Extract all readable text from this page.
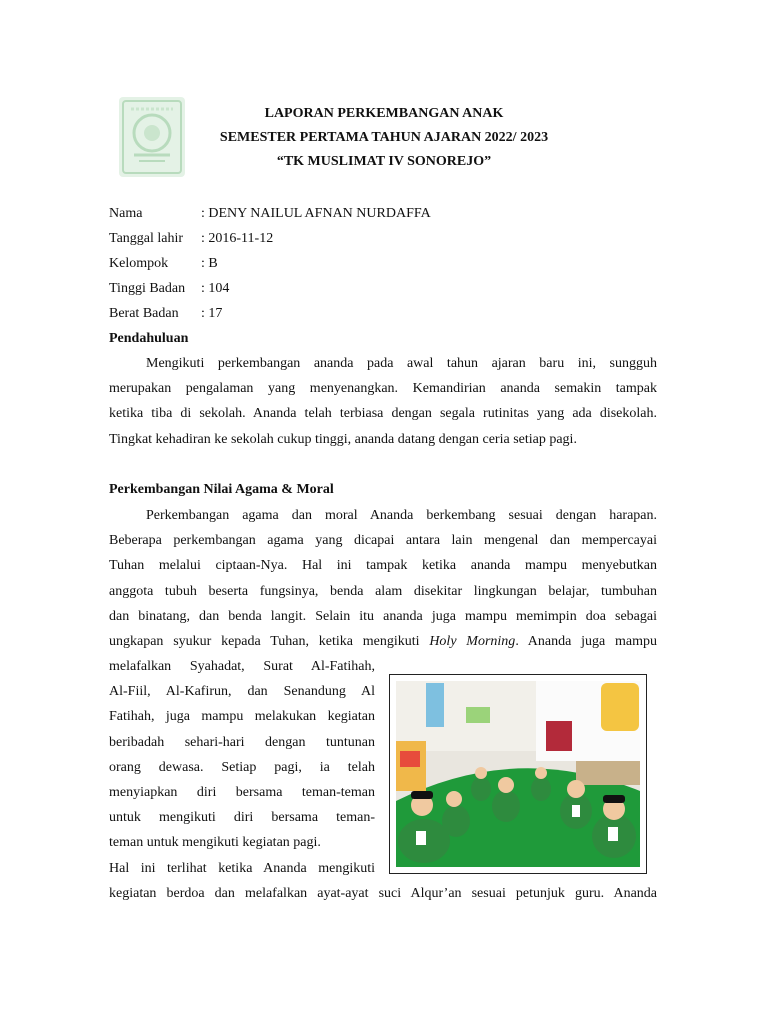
LAPORAN PERKEMBANGAN ANAK
SEMESTER PERTAMA TAHUN AJARAN 2022/ 2023
“TK MUSLIMAT IV SONOREJO”
Nama	: DENY NAILUL AFNAN NURDAFFA
Tanggal lahir	: 2016-11-12
Kelompok	: B
Tinggi Badan	: 104
Berat Badan	: 17
Pendahuluan
Mengikuti perkembangan ananda pada awal tahun ajaran baru ini, sungguh
merupakan pengalaman yang menyenangkan. Kemandirian ananda semakin tampak
ketika tiba di sekolah. Ananda telah terbiasa dengan segala rutinitas yang ada disekolah.
Tingkat kehadiran ke sekolah cukup tinggi, ananda datang dengan ceria setiap pagi.
Perkembangan Nilai Agama & Moral
Perkembangan agama dan moral Ananda berkembang sesuai dengan harapan.
Beberapa perkembangan agama yang dicapai antara lain mengenal dan mempercayai
Tuhan melalui ciptaan-Nya. Hal ini tampak ketika ananda mampu menyebutkan
anggota tubuh beserta fungsinya, benda alam disekitar lingkungan belajar, tumbuhan
dan binatang, dan benda langit. Selain itu ananda juga mampu memimpin doa sebagai
ungkapan syukur kepada Tuhan, ketika mengikuti Holy Morning. Ananda juga mampu
melafalkan Syahadat, Surat Al-Fatihah,
Al-Fiil, Al-Kafirun, dan Senandung Al
Fatihah, juga mampu melakukan kegiatan
beribadah sehari-hari dengan tuntunan
orang dewasa. Setiap pagi, ia telah
menyiapkan diri bersama teman-teman
untuk mengikuti diri bersama teman-
teman untuk mengikuti kegiatan pagi.
Hal ini terlihat ketika Ananda mengikuti
kegiatan berdoa dan melafalkan ayat-ayat suci Alqur’an sesuai petunjuk guru. Ananda
